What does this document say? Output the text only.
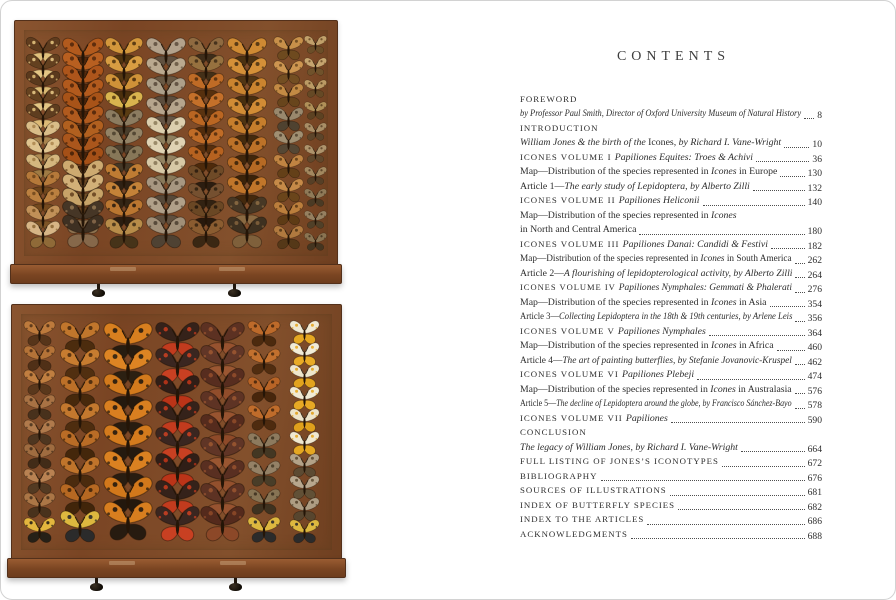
CONTENTS
FOREWORD
by Professor Paul Smith, Director of Oxford University Museum of Natural History 8
INTRODUCTION
William Jones & the birth of the Icones, by Richard I. Vane-Wright	10
ICONES VOLUME I Papiliones Equites: Troes & Achivi	36
Map—Distribution of the species represented in Icones in Europe	130
Article 1—The early study of Lepidoptera, by Alberto Zilli	132
ICONES VOLUME II Papiliones Heliconii	140
Map—Distribution of the species represented in Icones
in North and Central America	180
ICONES VOLUME III Papiliones Danai: Candidi & Festivi	182
Map—Distribution of the species represented in Icones in South America 262
Article 2—A flourishing of lepidopterological activity, by Alberto Zilli 264
ICONES VOLUME IV Papiliones Nymphales: Gemmati & Phalerati 276
Map—Distribution of the species represented in Icones in Asia	354
Article 3—Collecting Lepidoptera in the 18th & 19th centuries, by Arlene Leis 356
ICONES VOLUME V Papiliones Nymphales	364
Map—Distribution of the species represented in Icones in Africa	460
Article 4—The art of painting butterflies, by Stefanie Jovanovic-Kruspel 462
ICONES VOLUME VI Papiliones Plebeji	474
Map—Distribution of the species represented in Icones in Australasia 576
Article 5—The decline of Lepidoptera around the globe, by Francisco Sánchez-Bayo 578
ICONES VOLUME VII Papiliones	590
CONCLUSION
The legacy of William Jones, by Richard I. Vane-Wright	664
FULL LISTING OF JONES’S ICONOTYPES	672
BIBLIOGRAPHY	676
SOURCES OF ILLUSTRATIONS	681
INDEX OF BUTTERFLY SPECIES	682
INDEX TO THE ARTICLES	686
ACKNOWLEDGMENTS	688
